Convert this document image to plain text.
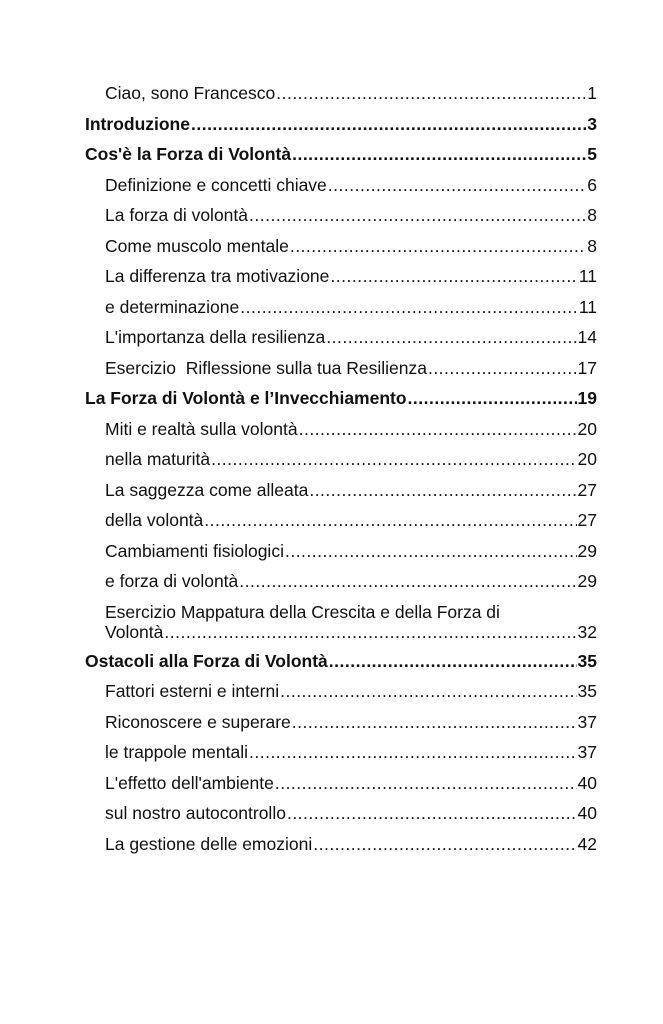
Ciao, sono Francesco .....	1
Introduzione .....	3
Cos'è la Forza di Volontà .....	5
Definizione e concetti chiave .....	6
La forza di volontà .....	8
Come muscolo mentale .....	8
La differenza tra motivazione .....	11
e determinazione .....	11
L'importanza della resilienza .....	14
Esercizio  Riflessione sulla tua Resilienza .....	17
La Forza di Volontà e l’Invecchiamento .....	19
Miti e realtà sulla volontà .....	20
nella maturità .....	20
La saggezza come alleata .....	27
della volontà .....	27
Cambiamenti fisiologici .....	29
e forza di volontà .....	29
Esercizio Mappatura della Crescita e della Forza di
Volontà .....	32
Ostacoli alla Forza di Volontà .....	35
Fattori esterni e interni .....	35
Riconoscere e superare .....	37
le trappole mentali .....	37
L'effetto dell'ambiente .....	40
sul nostro autocontrollo .....	40
La gestione delle emozioni .....	42
